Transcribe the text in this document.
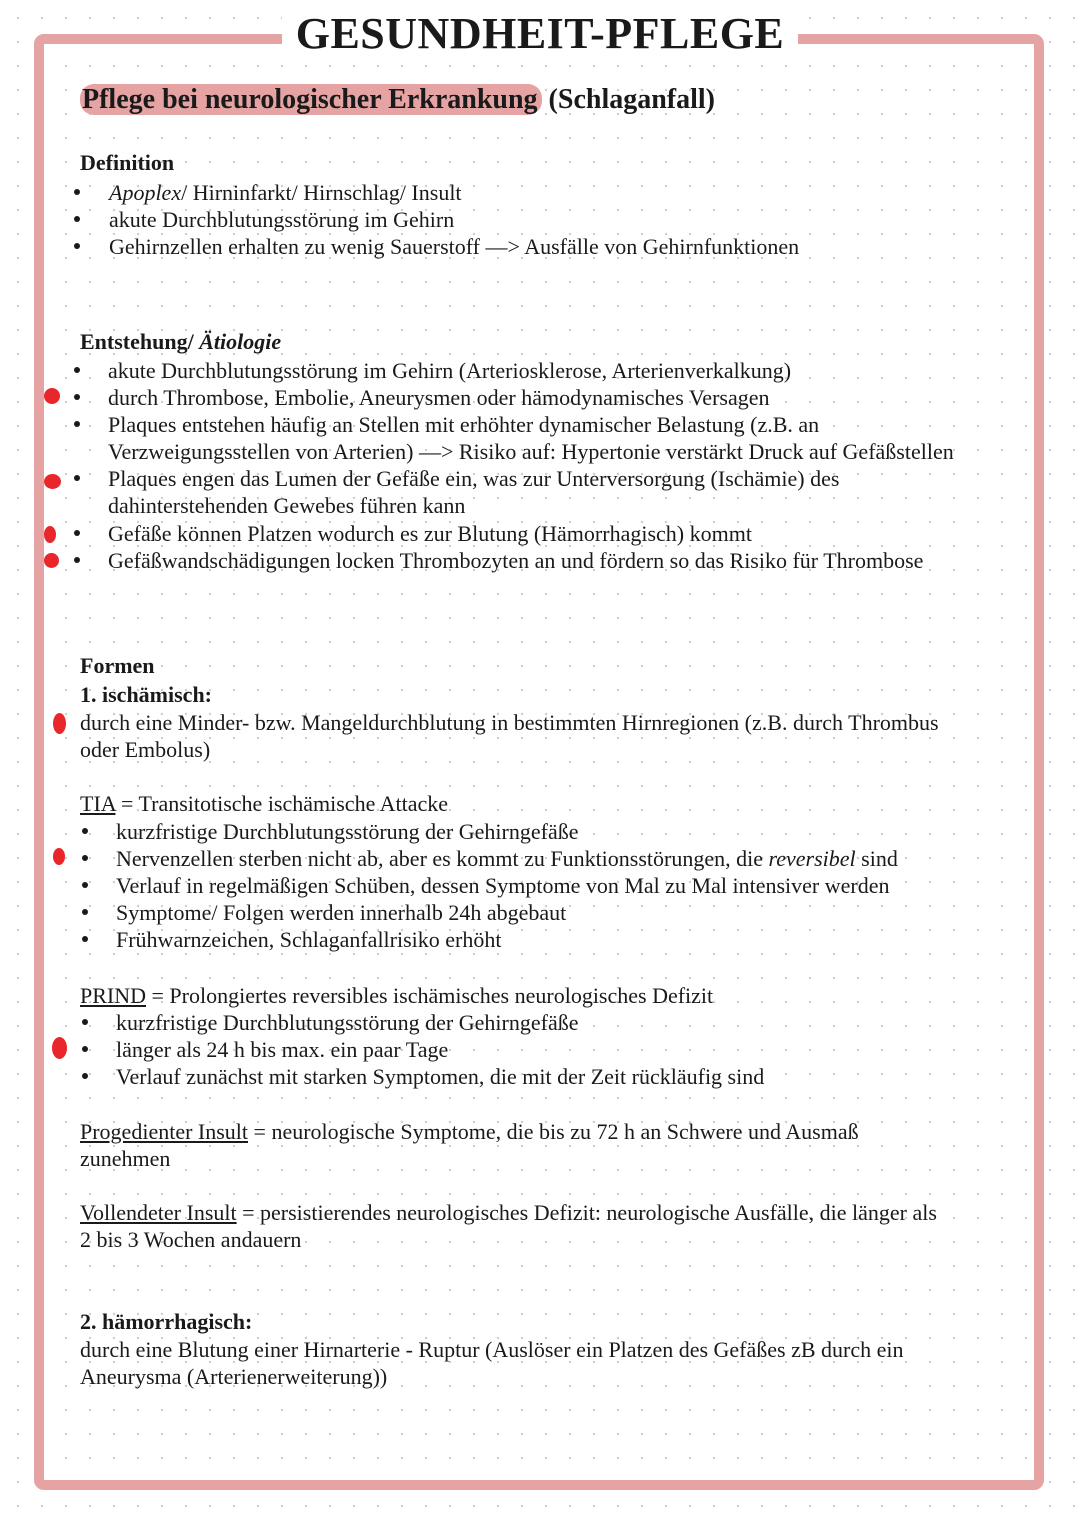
GESUNDHEIT-PFLEGE
Pflege bei neurologischer Erkrankung (Schlaganfall)
Definition
Apoplex/ Hirninfarkt/ Hirnschlag/ Insult
akute Durchblutungsstörung im Gehirn
Gehirnzellen erhalten zu wenig Sauerstoff —> Ausfälle von Gehirnfunktionen
Entstehung/ Ätiologie
akute Durchblutungsstörung im Gehirn (Arteriosklerose, Arterienverkalkung)
durch Thrombose, Embolie, Aneurysmen oder hämodynamisches Versagen
Plaques entstehen häufig an Stellen mit erhöhter dynamischer Belastung (z.B. an
Verzweigungsstellen von Arterien) —> Risiko auf: Hypertonie verstärkt Druck auf Gefäßstellen
Plaques engen das Lumen der Gefäße ein, was zur Unterversorgung (Ischämie) des
dahinterstehenden Gewebes führen kann
Gefäße können Platzen wodurch es zur Blutung (Hämorrhagisch) kommt
Gefäßwandschädigungen locken Thrombozyten an und fördern so das Risiko für Thrombose
Formen
1. ischämisch:
durch eine Minder- bzw. Mangeldurchblutung in bestimmten Hirnregionen (z.B. durch Thrombus
oder Embolus)
TIA = Transitotische ischämische Attacke
kurzfristige Durchblutungsstörung der Gehirngefäße
Nervenzellen sterben nicht ab, aber es kommt zu Funktionsstörungen, die reversibel sind
Verlauf in regelmäßigen Schüben, dessen Symptome von Mal zu Mal intensiver werden
Symptome/ Folgen werden innerhalb 24h abgebaut
Frühwarnzeichen, Schlaganfallrisiko erhöht
PRIND = Prolongiertes reversibles ischämisches neurologisches Defizit
kurzfristige Durchblutungsstörung der Gehirngefäße
länger als 24 h bis max. ein paar Tage
Verlauf zunächst mit starken Symptomen, die mit der Zeit rückläufig sind
Progedienter Insult = neurologische Symptome, die bis zu 72 h an Schwere und Ausmaß
zunehmen
Vollendeter Insult = persistierendes neurologisches Defizit: neurologische Ausfälle, die länger als
2 bis 3 Wochen andauern
2. hämorrhagisch:
durch eine Blutung einer Hirnarterie - Ruptur (Auslöser ein Platzen des Gefäßes zB durch ein
Aneurysma (Arterienerweiterung))
